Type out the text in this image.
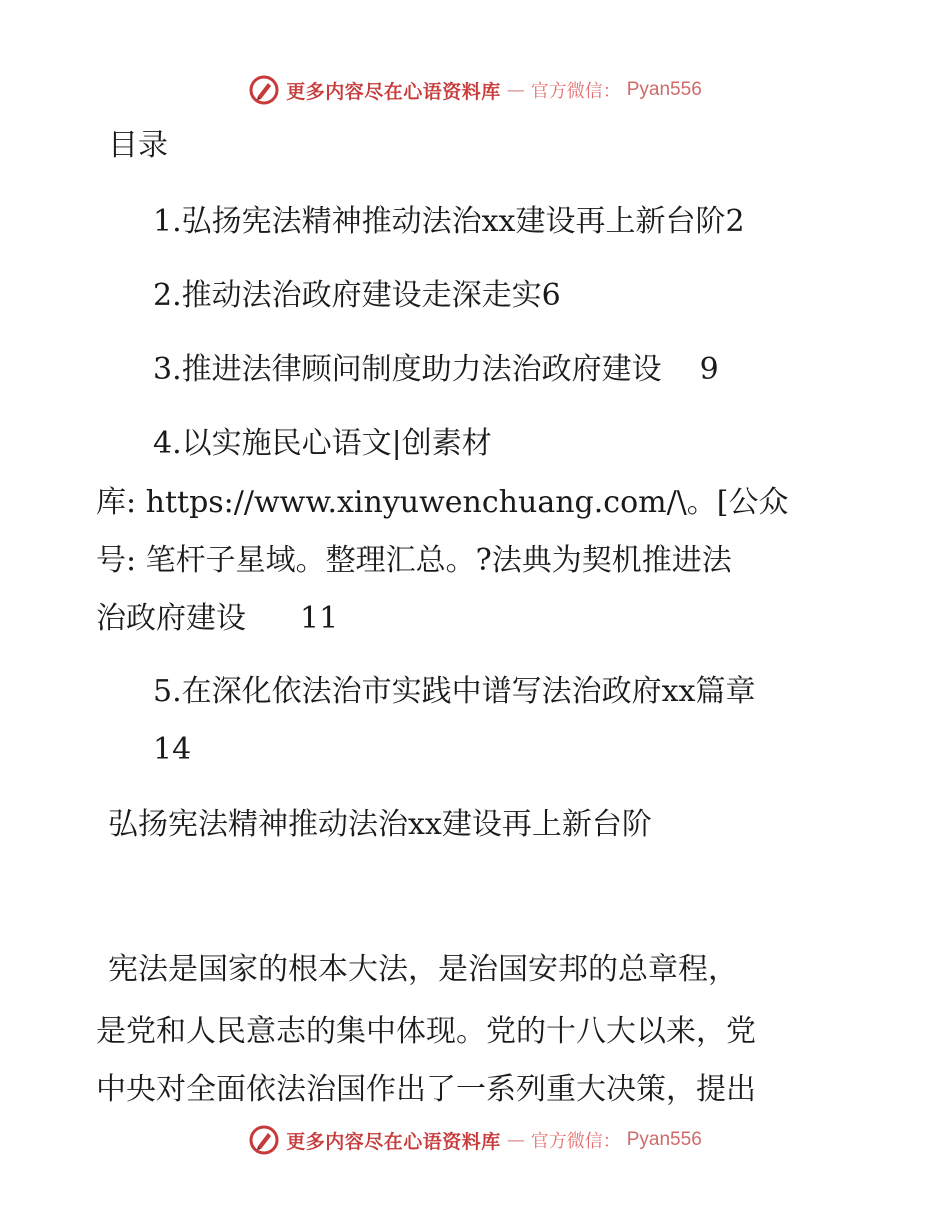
更多内容尽在心语资料库 — 官方微信： Pyan556
目录
1.弘扬宪法精神推动法治xx建设再上新台阶2
2.推动法治政府建设走深走实6
3.推进法律顾问制度助力法治政府建设 9
4.以实施民心语文|创素材
库: https://www.xinyuwenchuang.com/\。[公众
号: 笔杆子星域。整理汇总。?法典为契机推进法
治政府建设 11
5.在深化依法治市实践中谱写法治政府xx篇章
14
弘扬宪法精神推动法治xx建设再上新台阶
宪法是国家的根本大法，是治国安邦的总章程，
是党和人民意志的集中体现。党的十八大以来，党
中央对全面依法治国作出了一系列重大决策，提出
更多内容尽在心语资料库 — 官方微信： Pyan556
